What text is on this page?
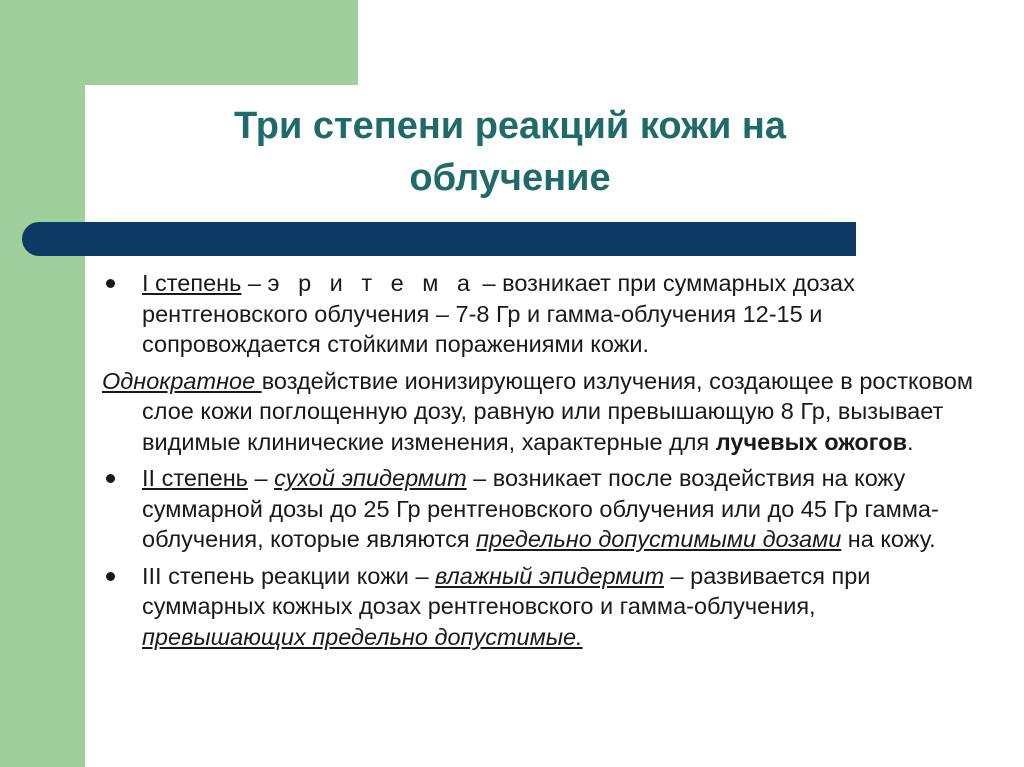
Три степени реакций кожи на
облучение
I степень – э р и т е м а – возникает при суммарных дозах рентгеновского облучения – 7-8 Гр и гамма-облучения 12-15 и сопровождается стойкими поражениями кожи.
Однократное воздействие ионизирующего излучения, создающее в ростковом слое кожи поглощенную дозу, равную или превышающую 8 Гр, вызывает видимые клинические изменения, характерные для лучевых ожогов.
II степень – сухой эпидермит – возникает после воздействия на кожу суммарной дозы до 25 Гр рентгеновского облучения или до 45 Гр гамма-облучения, которые являются предельно допустимыми дозами на кожу.
III степень реакции кожи – влажный эпидермит – развивается при суммарных кожных дозах рентгеновского и гамма-облучения, превышающих предельно допустимые.
